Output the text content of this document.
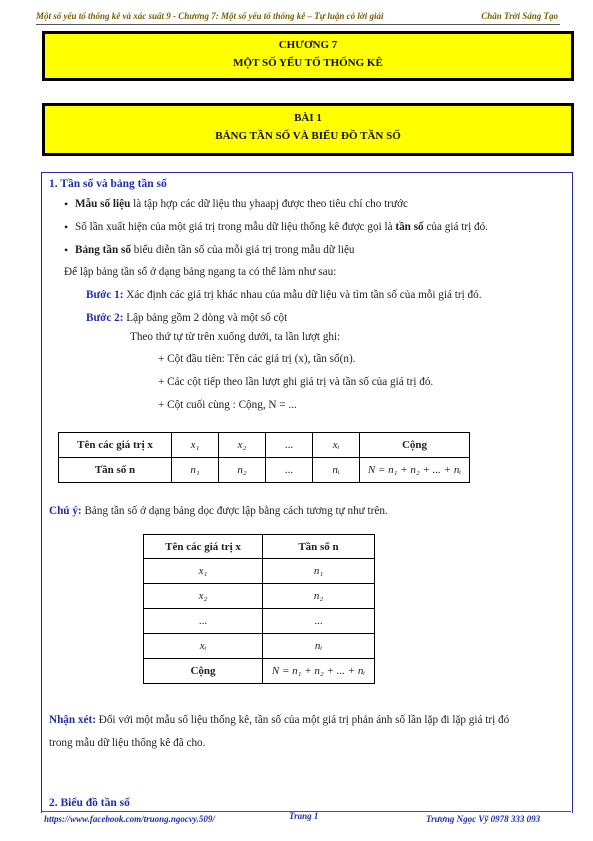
Một số yếu tố thống kê và xác suất 9 - Chương 7: Một số yếu tố thống kê – Tự luận có lời giải	Chân Trời Sáng Tạo
CHƯƠNG 7
MỘT SỐ YẾU TỐ THỐNG KÊ
BÀI 1
BẢNG TẦN SỐ VÀ BIỂU ĐỒ TẦN SỐ
1. Tần số và bảng tần số
• Mẫu số liệu là tập hợp các dữ liệu thu yhaapj được theo tiêu chí cho trước
• Số lần xuất hiện của một giá trị trong mẫu dữ liệu thống kê được gọi là tần số của giá trị đó.
• Bảng tần số biểu diễn tần số của mỗi giá trị trong mẫu dữ liệu
Để lập bảng tần số ở dạng bảng ngang ta có thể làm như sau:
Bước 1: Xác định các giá trị khác nhau của mẫu dữ liệu và tìm tần số của mỗi giá trị đó.
Bước 2: Lập bảng gồm 2 dòng và một số cột
Theo thứ tự từ trên xuống dưới, ta lần lượt ghi:
+ Cột đầu tiên: Tên các giá trị (x), tần số(n).
+ Các cột tiếp theo lần lượt ghi giá trị và tần số của giá trị đó.
+ Cột cuối cùng : Cộng, N = ...
Tên các giá trị x	x₁	x₂	...	xᵢ	Cộng
Tần số n	n₁	n₂	...	nᵢ	N = n₁ + n₂ + ... + nᵢ
Chú ý: Bảng tần số ở dạng bảng dọc được lập bằng cách tương tự như trên.
Tên các giá trị x	Tần số n
x₁	n₁
x₂	n₂
...	...
xᵢ	nᵢ
Cộng	N = n₁ + n₂ + ... + nᵢ
Nhận xét: Đối với một mẫu số liệu thống kê, tần số của một giá trị phản ánh số lần lặp đi lặp giá trị đó
trong mẫu dữ liệu thống kê đã cho.
2. Biểu đồ tần số
https://www.facebook.com/truong.ngocvy.509/	Trang 1	Trương Ngọc Vỹ 0978 333 093
